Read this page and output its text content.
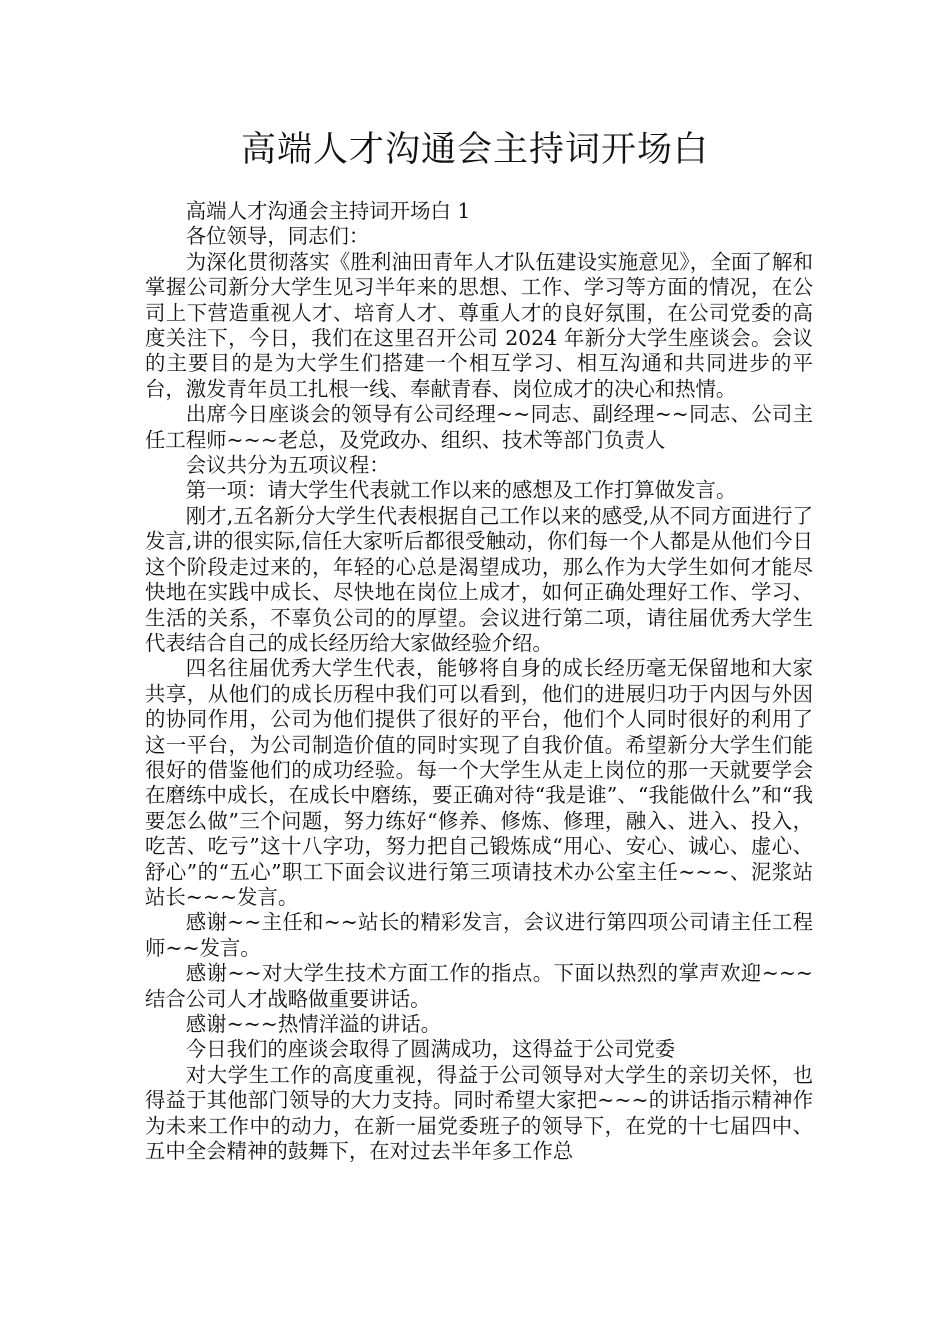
高端人才沟通会主持词开场白

高端人才沟通会主持词开场白 1

各位领导，同志们：

为深化贯彻落实《胜利油田青年人才队伍建设实施意见》，全面了解和掌握公司新分大学生见习半年来的思想、工作、学习等方面的情况，在公司上下营造重视人才、培育人才、尊重人才的良好氛围，在公司党委的高度关注下，今日，我们在这里召开公司 2024 年新分大学生座谈会。会议的主要目的是为大学生们搭建一个相互学习、相互沟通和共同进步的平台，激发青年员工扎根一线、奉献青春、岗位成才的决心和热情。

出席今日座谈会的领导有公司经理~~同志、副经理~~同志、公司主任工程师~~~老总，及党政办、组织、技术等部门负责人

会议共分为五项议程：

第一项：请大学生代表就工作以来的感想及工作打算做发言。

刚才,五名新分大学生代表根据自己工作以来的感受,从不同方面进行了发言,讲的很实际,信任大家听后都很受触动，你们每一个人都是从他们今日这个阶段走过来的，年轻的心总是渴望成功，那么作为大学生如何才能尽快地在实践中成长、尽快地在岗位上成才，如何正确处理好工作、学习、生活的关系，不辜负公司的的厚望。会议进行第二项，请往届优秀大学生代表结合自己的成长经历给大家做经验介绍。

四名往届优秀大学生代表，能够将自身的成长经历毫无保留地和大家共享，从他们的成长历程中我们可以看到，他们的进展归功于内因与外因的协同作用，公司为他们提供了很好的平台，他们个人同时很好的利用了这一平台，为公司制造价值的同时实现了自我价值。希望新分大学生们能很好的借鉴他们的成功经验。每一个大学生从走上岗位的那一天就要学会在磨练中成长，在成长中磨练，要正确对待“我是谁”、“我能做什么”和“我要怎么做”三个问题，努力练好“修养、修炼、修理，融入、进入、投入，吃苦、吃亏”这十八字功，努力把自己锻炼成“用心、安心、诚心、虚心、舒心”的“五心”职工下面会议进行第三项请技术办公室主任~~~、泥浆站站长~~~发言。

感谢~~主任和~~站长的精彩发言，会议进行第四项公司请主任工程师~~发言。

感谢~~对大学生技术方面工作的指点。下面以热烈的掌声欢迎~~~结合公司人才战略做重要讲话。

感谢~~~热情洋溢的讲话。

今日我们的座谈会取得了圆满成功，这得益于公司党委

对大学生工作的高度重视，得益于公司领导对大学生的亲切关怀，也得益于其他部门领导的大力支持。同时希望大家把~~~的讲话指示精神作为未来工作中的动力，在新一届党委班子的领导下，在党的十七届四中、五中全会精神的鼓舞下，在对过去半年多工作总
